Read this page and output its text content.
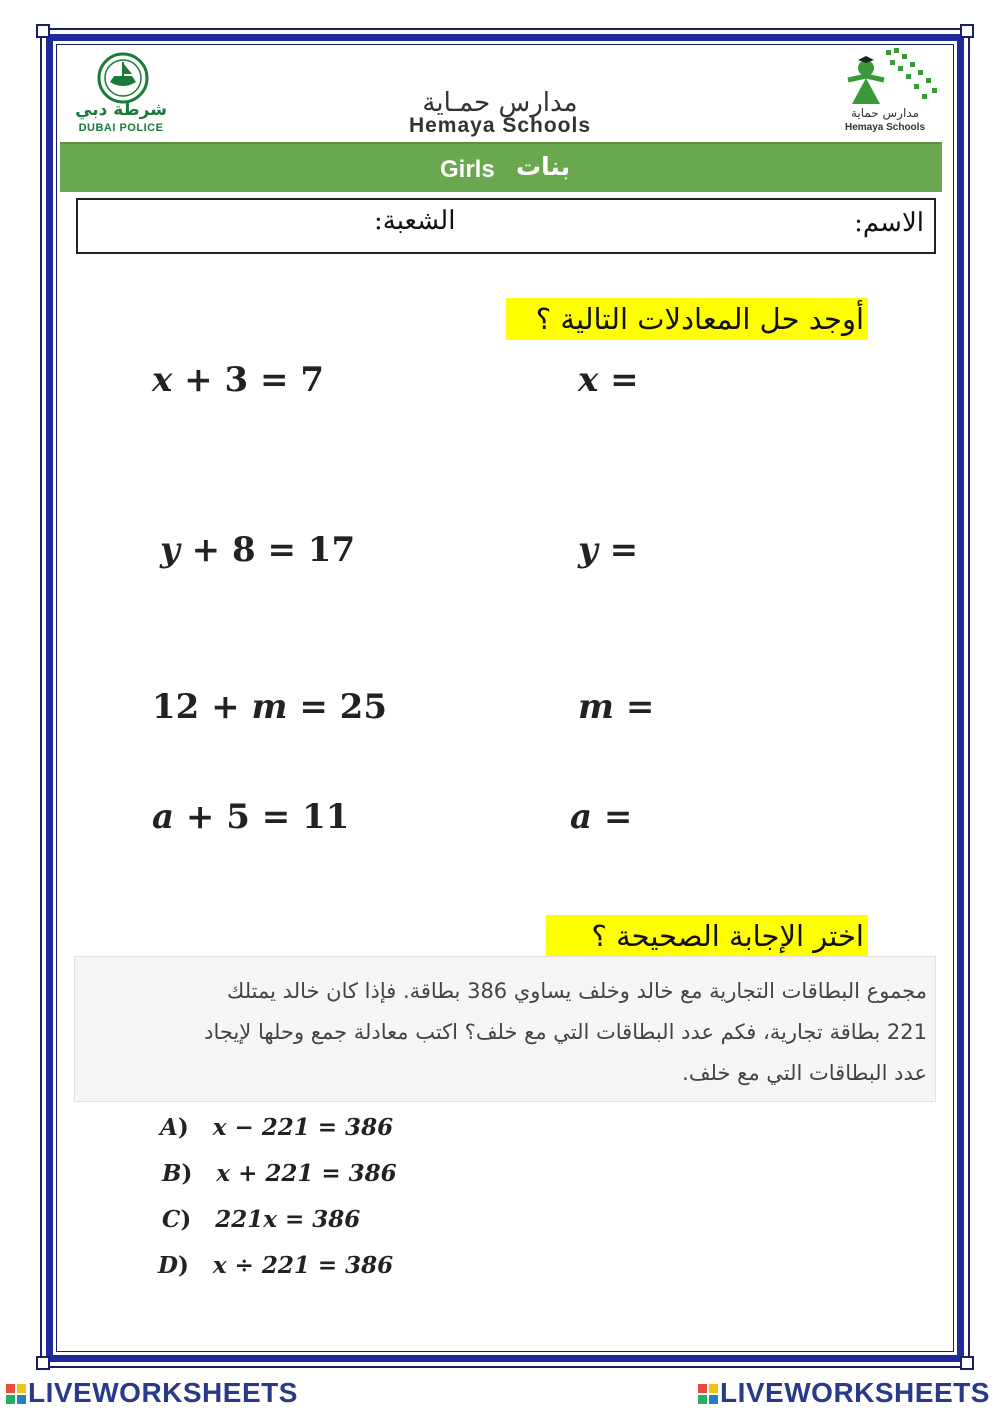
شرطة دبي
DUBAI POLICE
مدارس حمـاية
Hemaya Schools
مدارس حماية
Hemaya Schools
Girls بنات
الاسم:
الشعبة:
أوجد حل المعادلات التالية ؟
x + 3 = 7	x =
y + 8 = 17	y =
12 + m = 25	m =
a + 5 = 11	a =
اختر الإجابة الصحيحة ؟
مجموع البطاقات التجارية مع خالد وخلف يساوي 386 بطاقة. فإذا كان خالد يمتلك
221 بطاقة تجارية، فكم عدد البطاقات التي مع خلف؟ اكتب معادلة جمع وحلها لإيجاد
عدد البطاقات التي مع خلف.
A)   x − 221 = 386
B)   x + 221 = 386
C)   221x = 386
D)   x ÷ 221 = 386
LIVEWORKSHEETS	LIVEWORKSHEETS
